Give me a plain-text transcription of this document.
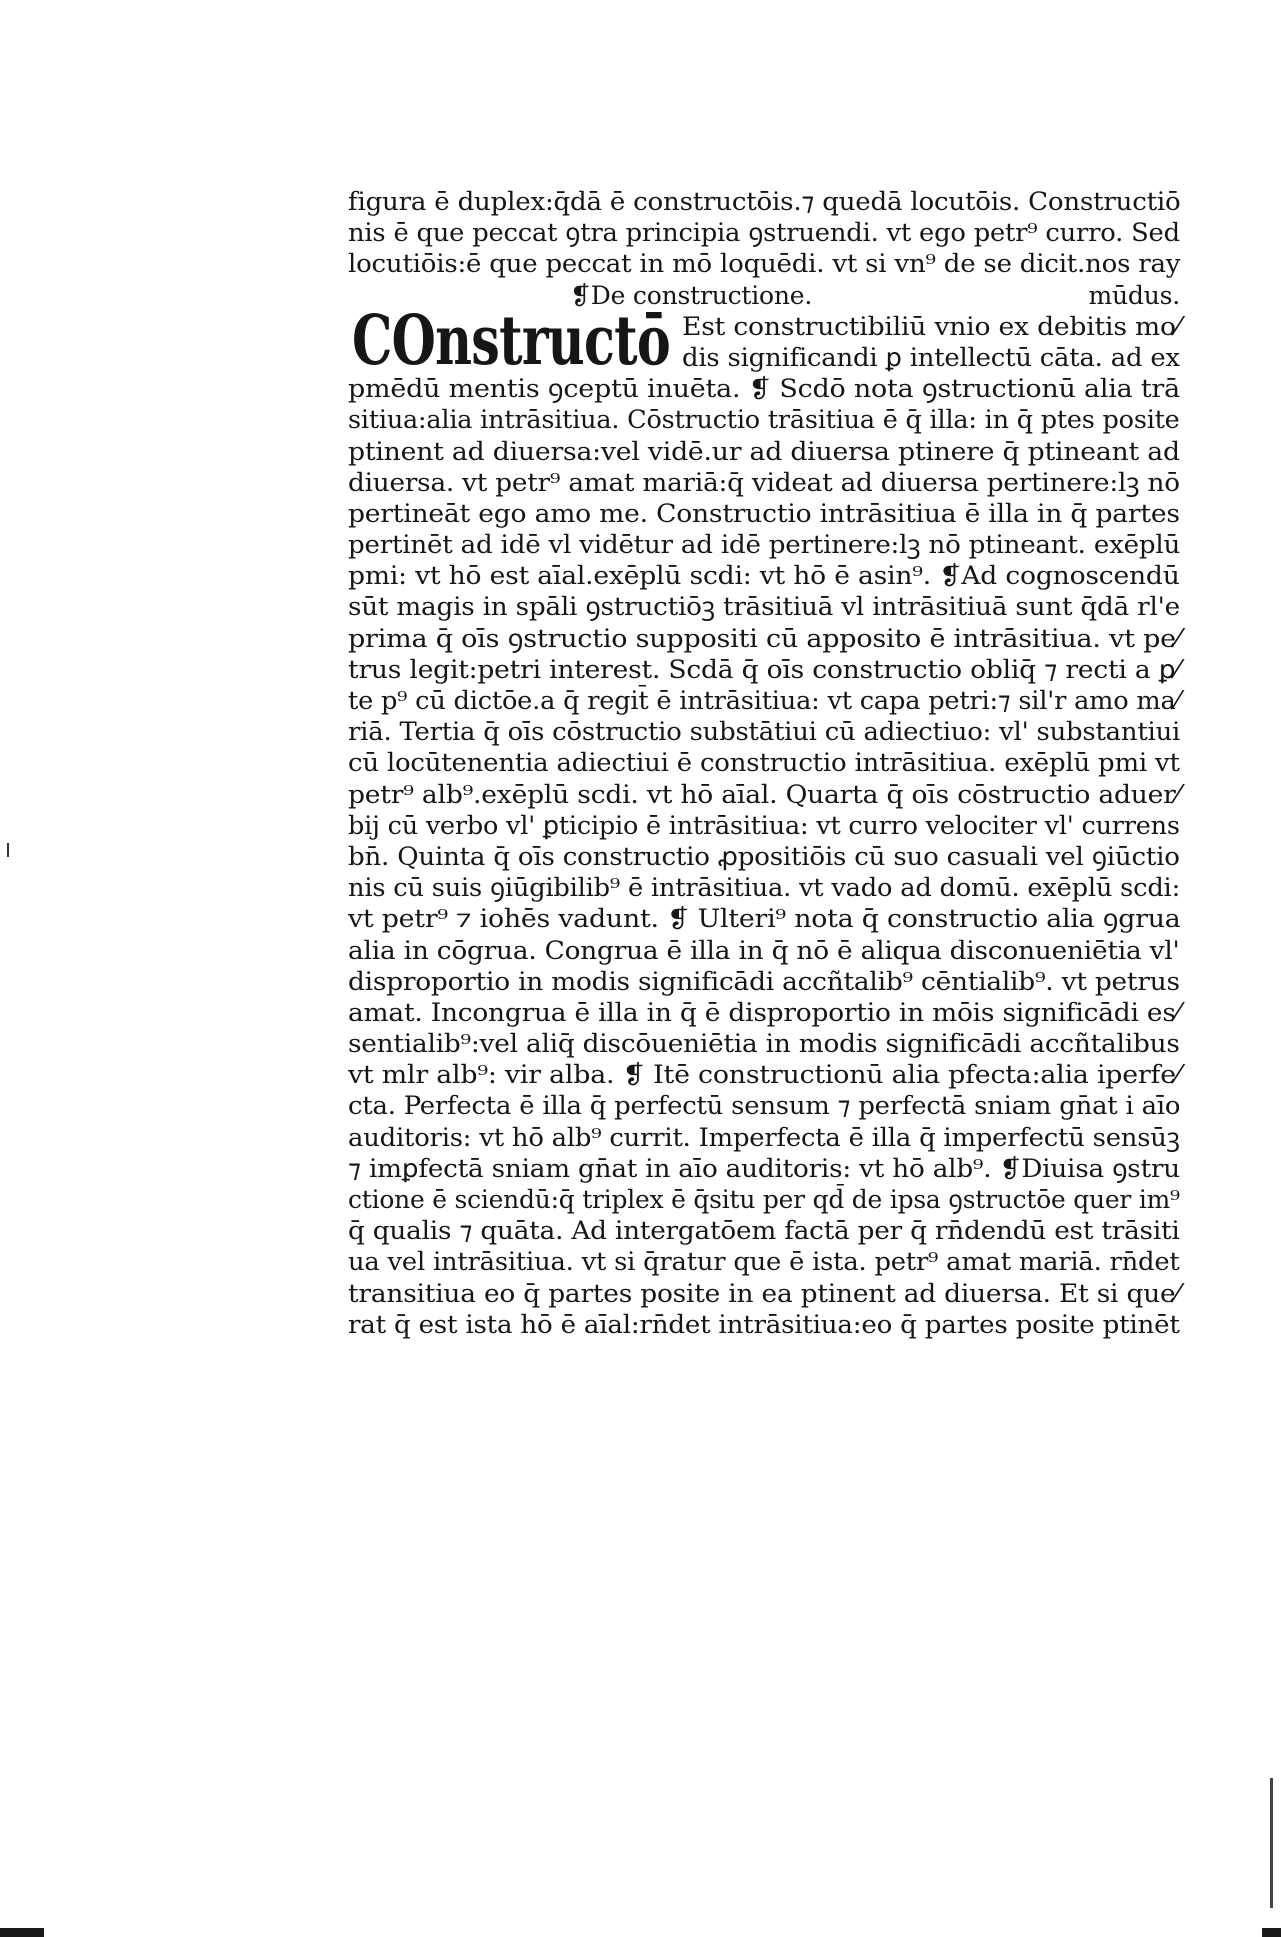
figura ē duplex:q̄dā ē constructōis.⁊ quedā locutōis. Constructiō
nis ē que peccat ꝯtra principia ꝯstruendi. vt ego petr⁹ curro. Sed
locutiōis:ē que peccat in mō loquēdi. vt si vn⁹ de se dicit.nos ray
❡De constructione.	mūdus.
COnstructō Est constructibiliū vnio ex debitis mo⁄
dis significandi ꝑ intellectū cāta. ad ex
pmēdū mentis ꝯceptū inuēta. ❡ Scdō nota ꝯstructionū alia trā
sitiua:alia intrāsitiua. Cōstructio trāsitiua ē q̄ illa: in q̄ ptes posite
ptinent ad diuersa:vel vidē.ur ad diuersa ptinere q̄ ptineant ad
diuersa. vt petr⁹ amat mariā:q̄ videat ad diuersa pertinere:lꝫ nō
pertineāt ego amo me. Constructio intrāsitiua ē illa in q̄ partes
pertinēt ad idē vl vidētur ad idē pertinere:lꝫ nō ptineant. exēplū
pmi: vt hō est aīal.exēplū scdi: vt hō ē asin⁹. ❡Ad cognoscendū
sūt magis in spāli ꝯstructiōꝫ trāsitiuā vl intrāsitiuā sunt q̄dā rl'e
prima q̄ oīs ꝯstructio suppositi cū apposito ē intrāsitiua. vt pe⁄
trus legit:petri interest. Scdā q̄ oīs constructio obliq̄ ⁊ recti a ꝑ⁄
te p⁹ cū dictōe.a q̄ regit̄ ē intrāsitiua: vt capa petri:⁊ sil'r amo ma⁄
riā. Tertia q̄ oīs cōstructio substātiui cū adiectiuo: vl' substantiui
cū locūtenentia adiectiui ē constructio intrāsitiua. exēplū pmi vt
petr⁹ alb⁹.exēplū scdi. vt hō aīal. Quarta q̄ oīs cōstructio aduer⁄
bij cū verbo vl' ꝑticipio ē intrāsitiua: vt curro velociter vl' currens
bn̄. Quinta q̄ oīs constructio ꝓpositiōis cū suo casuali vel ꝯiūctio
nis cū suis ꝯiūgibilib⁹ ē intrāsitiua. vt vado ad domū. exēplū scdi:
vt petr⁹ ⁊ iohēs vadunt. ❡ Ulteri⁹ nota q̄ constructio alia ꝯgrua
alia in cōgrua. Congrua ē illa in q̄ nō ē aliqua disconueniētia vl'
disproportio in modis significādi accñtalib⁹ cēntialib⁹. vt petrus
amat. Incongrua ē illa in q̄ ē disproportio in mōis significādi es⁄
sentialib⁹:vel aliq̄ discōueniētia in modis significādi accñtalibus
vt mlr alb⁹: vir alba. ❡ Itē constructionū alia pfecta:alia iperfe⁄
cta. Perfecta ē illa q̄ perfectū sensum ⁊ perfectā sniam gn̄at i aīo
auditoris: vt hō alb⁹ currit. Imperfecta ē illa q̄ imperfectū sensūꝫ
⁊ imꝑfectā sniam gn̄at in aīo auditoris: vt hō alb⁹. ❡Diuisa ꝯstru
ctione ē sciendū:q̄ triplex ē q̄situ per qd̄ de ipsa ꝯstructōe quer im⁹
q̄ qualis ⁊ quāta. Ad intergatōem factā per q̄ rn̄dendū est trāsiti
ua vel intrāsitiua. vt si q̄ratur que ē ista. petr⁹ amat mariā. rn̄det
transitiua eo q̄ partes posite in ea ptinent ad diuersa. Et si que⁄
rat q̄ est ista hō ē aīal:rn̄det intrāsitiua:eo q̄ partes posite ptinēt
